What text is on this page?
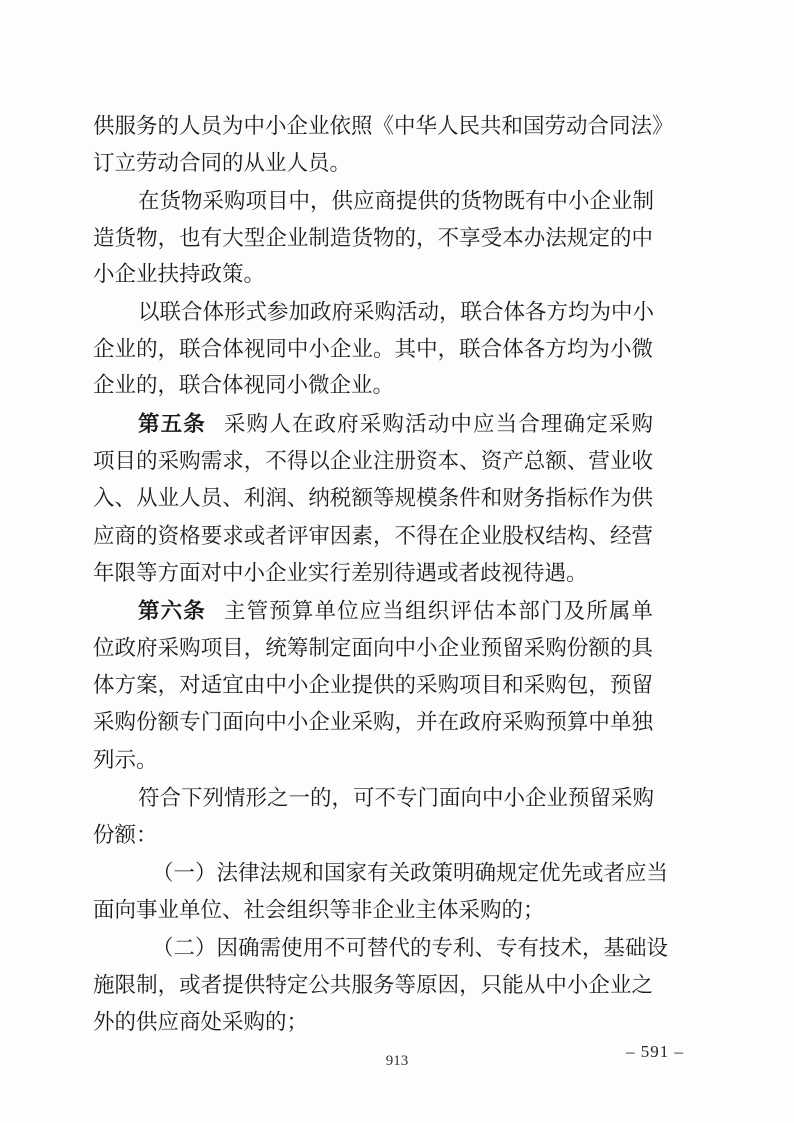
供服务的人员为中小企业依照《中华人民共和国劳动合同法》
订立劳动合同的从业人员。
在货物采购项目中，供应商提供的货物既有中小企业制
造货物，也有大型企业制造货物的，不享受本办法规定的中
小企业扶持政策。
以联合体形式参加政府采购活动，联合体各方均为中小
企业的，联合体视同中小企业。其中，联合体各方均为小微
企业的，联合体视同小微企业。
第五条 采购人在政府采购活动中应当合理确定采购
项目的采购需求，不得以企业注册资本、资产总额、营业收
入、从业人员、利润、纳税额等规模条件和财务指标作为供
应商的资格要求或者评审因素，不得在企业股权结构、经营
年限等方面对中小企业实行差别待遇或者歧视待遇。
第六条 主管预算单位应当组织评估本部门及所属单
位政府采购项目，统筹制定面向中小企业预留采购份额的具
体方案，对适宜由中小企业提供的采购项目和采购包，预留
采购份额专门面向中小企业采购，并在政府采购预算中单独
列示。
符合下列情形之一的，可不专门面向中小企业预留采购
份额：
（一）法律法规和国家有关政策明确规定优先或者应当
面向事业单位、社会组织等非企业主体采购的；
（二）因确需使用不可替代的专利、专有技术，基础设
施限制，或者提供特定公共服务等原因，只能从中小企业之
外的供应商处采购的；
– 591 –
913
